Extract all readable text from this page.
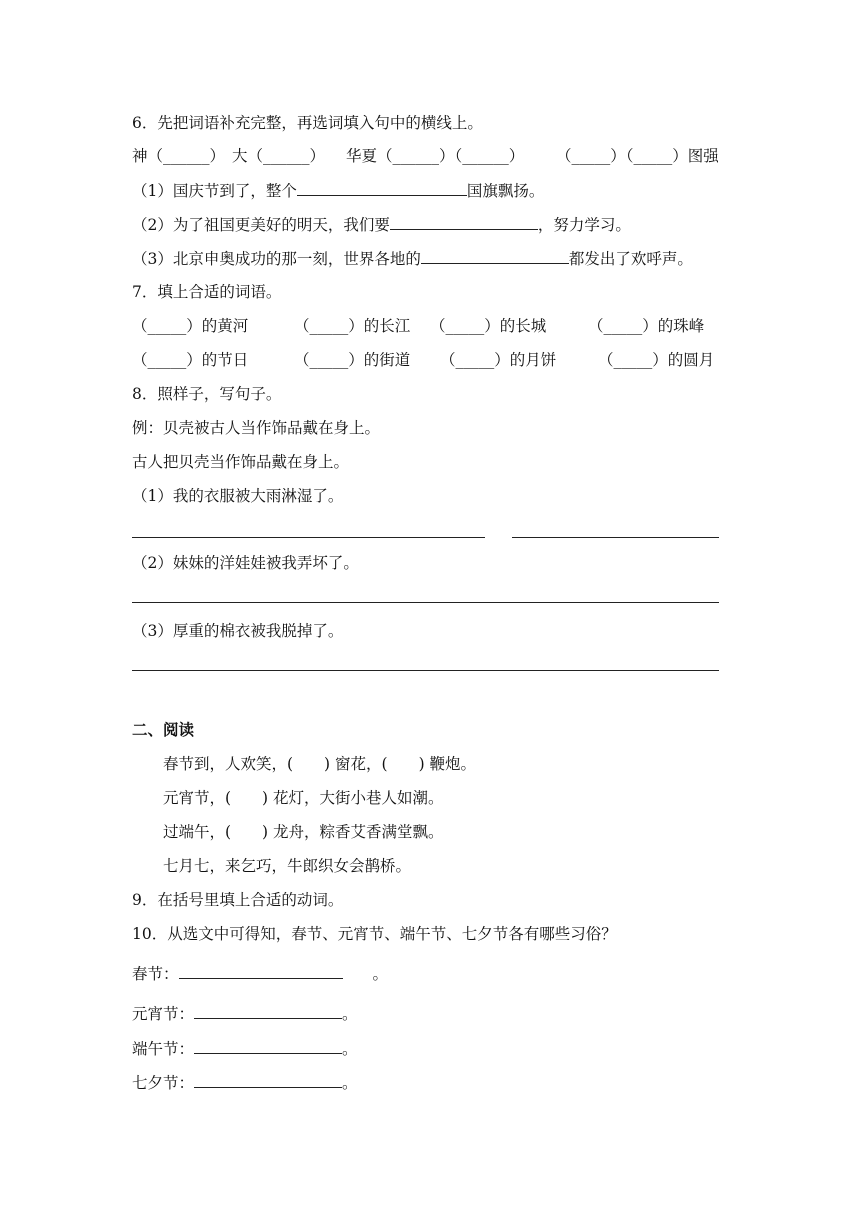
6．先把词语补充完整，再选词填入句中的横线上。
神（______） 大（______） 华夏（______）（______） （_____）（_____）图强
（1）国庆节到了，整个	国旗飘扬。
（2）为了祖国更美好的明天，我们要	，努力学习。
（3）北京申奥成功的那一刻，世界各地的	都发出了欢呼声。
7．填上合适的词语。
（_____）的黄河	（_____）的长江 （_____）的长城	（_____）的珠峰
（_____）的节日	（_____）的街道 （_____）的月饼	（_____）的圆月
8．照样子，写句子。
例：贝壳被古人当作饰品戴在身上。
古人把贝壳当作饰品戴在身上。
（1）我的衣服被大雨淋湿了。
（2）妹妹的洋娃娃被我弄坏了。
（3）厚重的棉衣被我脱掉了。
二、阅读
春节到，人欢笑，(　　) 窗花，(　　) 鞭炮。
元宵节，(　　) 花灯，大街小巷人如潮。
过端午，(　　) 龙舟，粽香艾香满堂飘。
七月七，来乞巧，牛郎织女会鹊桥。
9．在括号里填上合适的动词。
10．从选文中可得知，春节、元宵节、端午节、七夕节各有哪些习俗？
春节：	。
元宵节：	。
端午节：	。
七夕节：	。
